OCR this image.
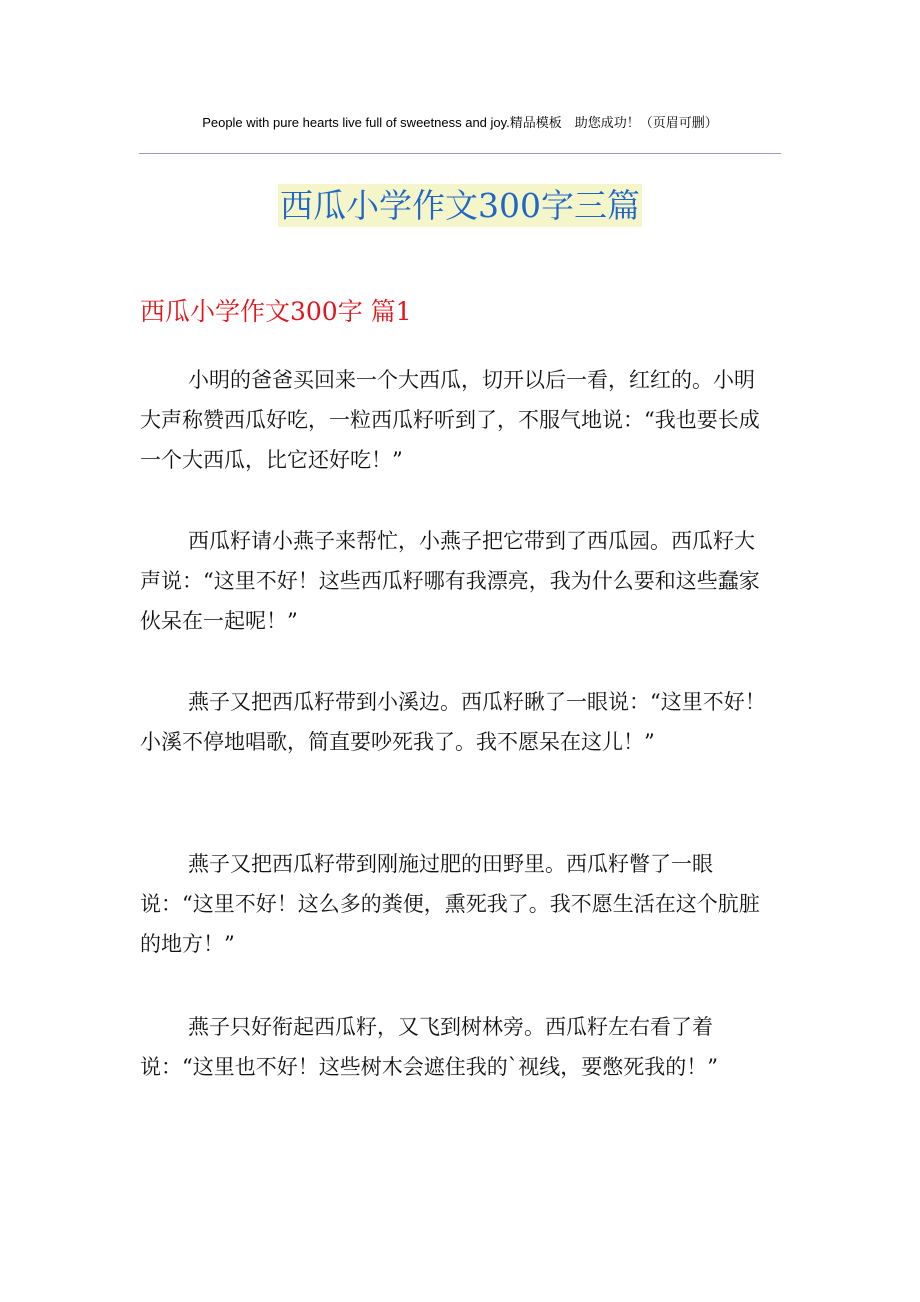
People with pure hearts live full of sweetness and joy.精品模板　助您成功！（页眉可删）
西瓜小学作文300字三篇
西瓜小学作文300字 篇1
小明的爸爸买回来一个大西瓜，切开以后一看，红红的。小明大声称赞西瓜好吃，一粒西瓜籽听到了，不服气地说：“我也要长成一个大西瓜，比它还好吃！”
西瓜籽请小燕子来帮忙，小燕子把它带到了西瓜园。西瓜籽大声说：“这里不好！这些西瓜籽哪有我漂亮，我为什么要和这些蠢家伙呆在一起呢！”
燕子又把西瓜籽带到小溪边。西瓜籽瞅了一眼说：“这里不好！小溪不停地唱歌，简直要吵死我了。我不愿呆在这儿！”
燕子又把西瓜籽带到刚施过肥的田野里。西瓜籽瞥了一眼说：“这里不好！这么多的粪便，熏死我了。我不愿生活在这个肮脏的地方！”
燕子只好衔起西瓜籽，又飞到树林旁。西瓜籽左右看了着说：“这里也不好！这些树木会遮住我的`视线，要憋死我的！”
